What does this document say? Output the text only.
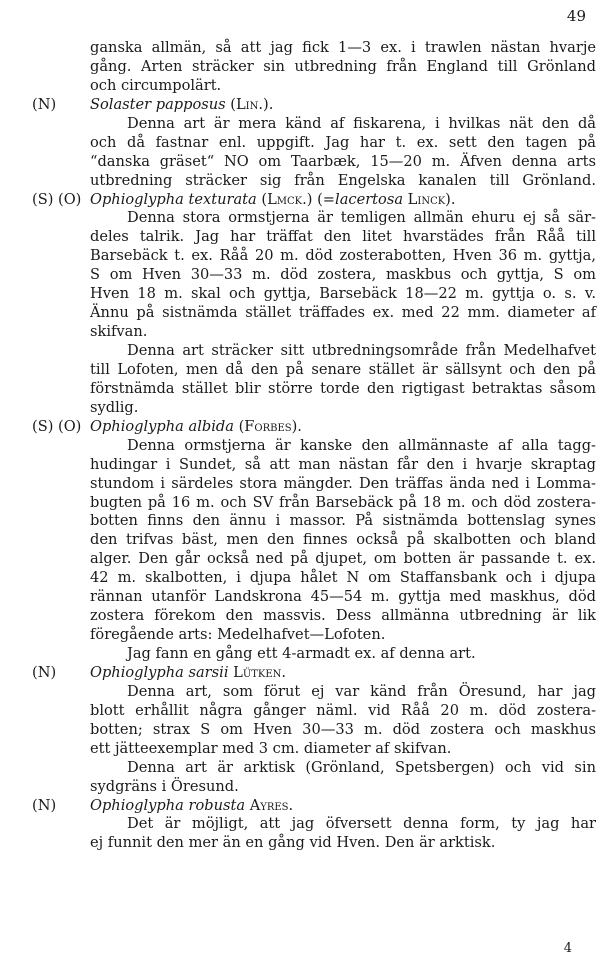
49
ganska allmän, så att jag fick 1—3 ex. i trawlen nästan hvarje
gång. Arten sträcker sin utbredning från England till Grönland
och circumpolärt.
(N) Solaster papposus (Lin.).
Denna art är mera känd af fiskarena, i hvilkas nät den då
och då fastnar enl. uppgift. Jag har t. ex. sett den tagen på
“danska gräset“ NO om Taarbæk, 15—20 m. Äfven denna arts
utbredning sträcker sig från Engelska kanalen till Grönland.
(S) (O) Ophioglypha texturata (Lmck.) (=lacertosa Linck).
Denna stora ormstjerna är temligen allmän ehuru ej så sär-
deles talrik. Jag har träffat den litet hvarstädes från Råå till
Barsebäck t. ex. Råå 20 m. död zosterabotten, Hven 36 m. gyttja,
S om Hven 30—33 m. död zostera, maskbus och gyttja, S om
Hven 18 m. skal och gyttja, Barsebäck 18—22 m. gyttja o. s. v.
Ännu på sistnämda stället träffades ex. med 22 mm. diameter af
skifvan.
Denna art sträcker sitt utbredningsområde från Medelhafvet
till Lofoten, men då den på senare stället är sällsynt och den på
förstnämda stället blir större torde den rigtigast betraktas såsom
sydlig.
(S) (O) Ophioglypha albida (Forbes).
Denna ormstjerna är kanske den allmännaste af alla tagg-
hudingar i Sundet, så att man nästan får den i hvarje skraptag
stundom i särdeles stora mängder. Den träffas ända ned i Lomma-
bugten på 16 m. och SV från Barsebäck på 18 m. och död zostera-
botten finns den ännu i massor. På sistnämda bottenslag synes
den trifvas bäst, men den finnes också på skalbotten och bland
alger. Den går också ned på djupet, om botten är passande t. ex.
42 m. skalbotten, i djupa hålet N om Staffansbank och i djupa
rännan utanför Landskrona 45—54 m. gyttja med maskhus, död
zostera förekom den massvis. Dess allmänna utbredning är lik
föregående arts: Medelhafvet—Lofoten.
Jag fann en gång ett 4-armadt ex. af denna art.
(N) Ophioglypha sarsii Lütken.
Denna art, som förut ej var känd från Öresund, har jag
blott erhållit några gånger näml. vid Råå 20 m. död zostera-
botten; strax S om Hven 30—33 m. död zostera och maskhus
ett jätteexemplar med 3 cm. diameter af skifvan.
Denna art är arktisk (Grönland, Spetsbergen) och vid sin
sydgräns i Öresund.
(N) Ophioglypha robusta Ayres.
Det är möjligt, att jag öfversett denna form, ty jag har
ej funnit den mer än en gång vid Hven. Den är arktisk.
4
